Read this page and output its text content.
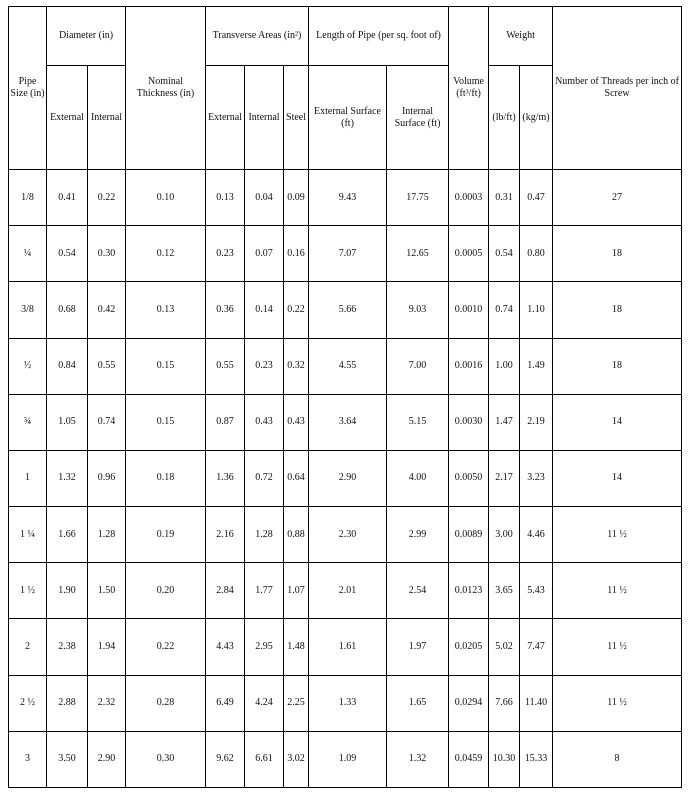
Pipe Size (in)	Diameter (in)		Nominal Thickness (in)	Transverse Areas (in²)			Length of Pipe (per sq. foot of)		Volume (ft³/ft)	Weight		Number of Threads per inch of Screw
	External	Internal		External	Internal	Steel	External Surface (ft)	Internal Surface (ft)		(lb/ft)	(kg/m)	
1/8	0.41	0.22	0.10	0.13	0.04	0.09	9.43	17.75	0.0003	0.31	0.47	27
¼	0.54	0.30	0.12	0.23	0.07	0.16	7.07	12.65	0.0005	0.54	0.80	18
3/8	0.68	0.42	0.13	0.36	0.14	0.22	5.66	9.03	0.0010	0.74	1.10	18
½	0.84	0.55	0.15	0.55	0.23	0.32	4.55	7.00	0.0016	1.00	1.49	18
¾	1.05	0.74	0.15	0.87	0.43	0.43	3.64	5.15	0.0030	1.47	2.19	14
1	1.32	0.96	0.18	1.36	0.72	0.64	2.90	4.00	0.0050	2.17	3.23	14
1 ¼	1.66	1.28	0.19	2.16	1.28	0.88	2.30	2.99	0.0089	3.00	4.46	11 ½
1 ½	1.90	1.50	0.20	2.84	1.77	1.07	2.01	2.54	0.0123	3.65	5.43	11 ½
2	2.38	1.94	0.22	4.43	2.95	1.48	1.61	1.97	0.0205	5.02	7.47	11 ½
2 ½	2.88	2.32	0.28	6.49	4.24	2.25	1.33	1.65	0.0294	7.66	11.40	11 ½
3	3.50	2.90	0.30	9.62	6.61	3.02	1.09	1.32	0.0459	10.30	15.33	8
